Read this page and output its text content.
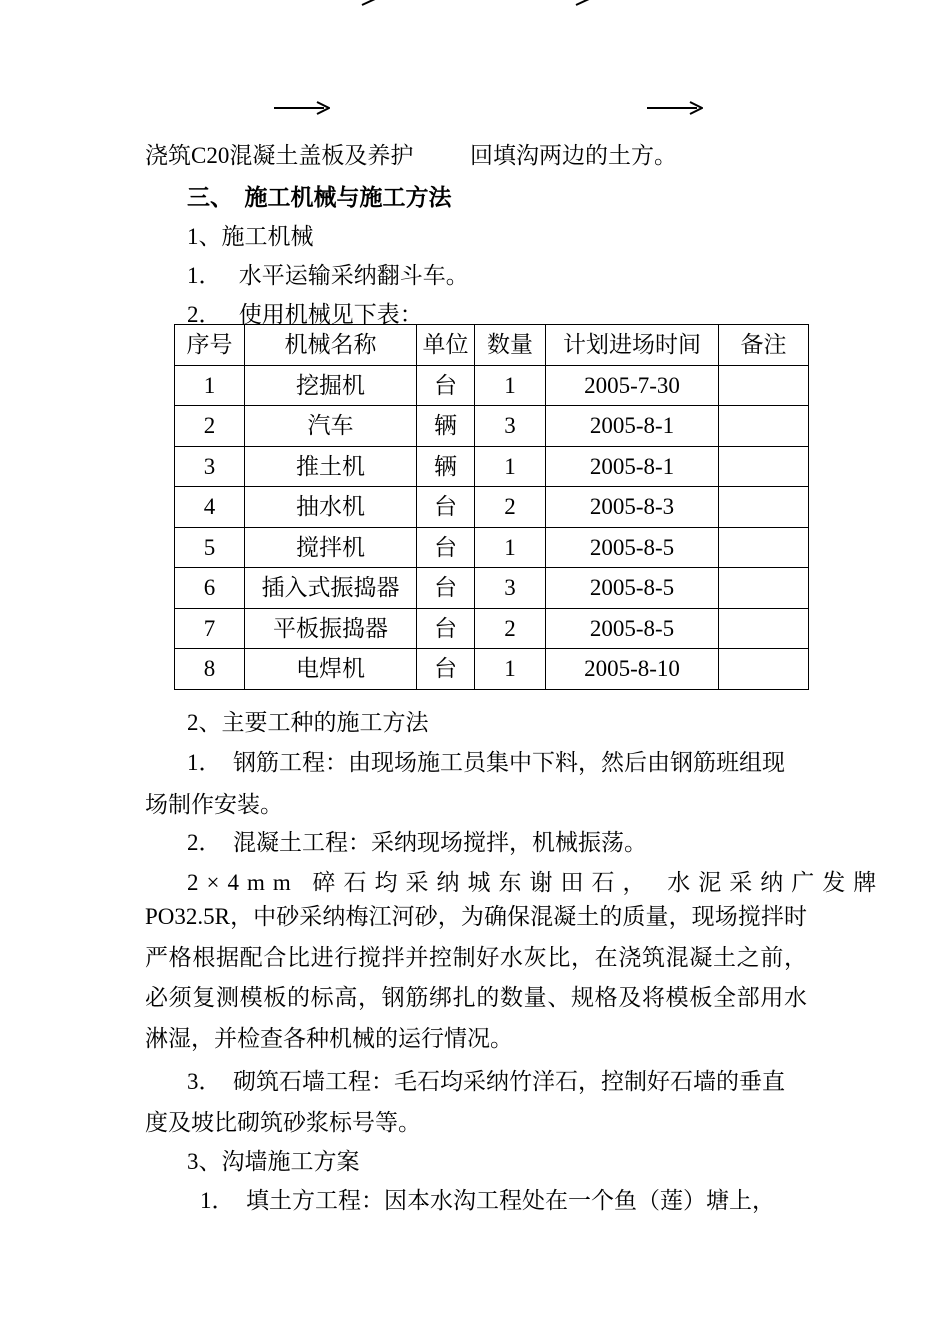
浇筑C20混凝土盖板及养护 回填沟两边的土方。
三、  施工机械与施工方法
1、施工机械
1．   水平运输采纳翻斗车。
2．   使用机械见下表：
序号	机械名称	单位	数量	计划进场时间	备注
1	挖掘机	台	1	2005-7-30	
2	汽车	辆	3	2005-8-1	
3	推土机	辆	1	2005-8-1	
4	抽水机	台	2	2005-8-3	
5	搅拌机	台	1	2005-8-5	
6	插入式振捣器	台	3	2005-8-5	
7	平板振捣器	台	2	2005-8-5	
8	电焊机	台	1	2005-8-10	
2、主要工种的施工方法
1．  钢筋工程：由现场施工员集中下料，然后由钢筋班组现
场制作安装。
2．  混凝土工程：采纳现场搅拌，机械振荡。
2×4mm 碎石均采纳城东谢田石， 水泥采纳广发牌
PO32.5R，中砂采纳梅江河砂，为确保混凝土的质量，现场搅拌时严格根据配合比进行搅拌并控制好水灰比，在浇筑混凝土之前，必须复测模板的标高，钢筋绑扎的数量、规格及将模板全部用水淋湿，并检查各种机械的运行情况。
3．  砌筑石墙工程：毛石均采纳竹洋石，控制好石墙的垂直
度及坡比砌筑砂浆标号等。
3、沟墙施工方案
1．  填土方工程：因本水沟工程处在一个鱼（莲）塘上，
